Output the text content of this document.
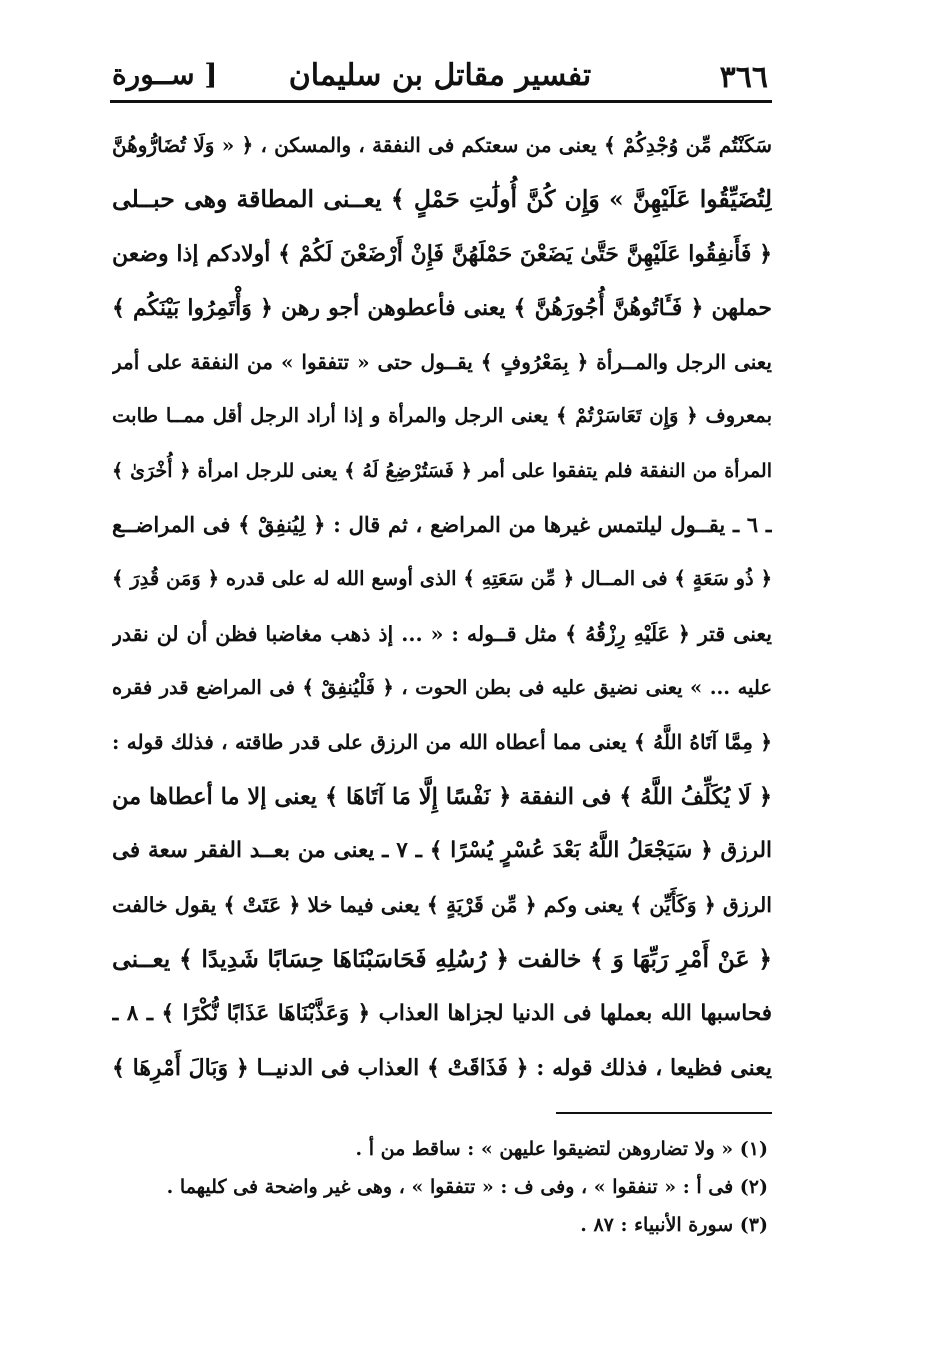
٣٦٦
تفسير مقاتل بن سليمان
[ ســورة
سَكَنْتُم مِّن وُجْدِكُمْ ﴾ يعنى من سعتكم فى النفقة ، والمسكن ، ﴿ « وَلَا تُضَارُّوهُنَّ
لِتُضَيِّقُوا عَلَيْهِنَّ » وَإِن كُنَّ أُولَٰتِ حَمْلٍ ﴾ يعــنى المطاقة وهى حبــلى
﴿ فَأَنفِقُوا عَلَيْهِنَّ حَتَّىٰ يَضَعْنَ حَمْلَهُنَّ فَإِنْ أَرْضَعْنَ لَكُمْ ﴾ أولادكم إذا وضعن
حملهن ﴿ فَـَٔاتُوهُنَّ أُجُورَهُنَّ ﴾ يعنى فأعطوهن أجو رهن ﴿ وَأْتَمِرُوا بَيْنَكُم ﴾
يعنى الرجل والمــرأة ﴿ بِمَعْرُوفٍ ﴾ يقــول حتى « تتفقوا » من النفقة على أمر
بمعروف ﴿ وَإِن تَعَاسَرْتُمْ ﴾ يعنى الرجل والمرأة و إذا أراد الرجل أقل ممــا طابت
المرأة من النفقة فلم يتفقوا على أمر ﴿ فَسَتُرْضِعُ لَهُ ﴾ يعنى للرجل امرأة ﴿ أُخْرَىٰ ﴾
ـ ٦ ـ يقــول ليلتمس غيرها من المراضع ، ثم قال : ﴿ لِيُنفِقْ ﴾ فى المراضــع
﴿ ذُو سَعَةٍ ﴾ فى المــال ﴿ مِّن سَعَتِهِ ﴾ الذى أوسع الله له على قدره ﴿ وَمَن قُدِرَ ﴾
يعنى قتر ﴿ عَلَيْهِ رِزْقُهُ ﴾ مثل قــوله : « ... إذ ذهب مغاضبا فظن أن لن نقدر
عليه ... » يعنى نضيق عليه فى بطن الحوت ، ﴿ فَلْيُنفِقْ ﴾ فى المراضع قدر فقره
﴿ مِمَّا آتَاهُ اللَّهُ ﴾ يعنى مما أعطاه الله من الرزق على قدر طاقته ، فذلك قوله :
﴿ لَا يُكَلِّفُ اللَّهُ ﴾ فى النفقة ﴿ نَفْسًا إِلَّا مَا آتَاهَا ﴾ يعنى إلا ما أعطاها من
الرزق ﴿ سَيَجْعَلُ اللَّهُ بَعْدَ عُسْرٍ يُسْرًا ﴾ ـ ٧ ـ يعنى من بعــد الفقر سعة فى
الرزق ﴿ وَكَأَيِّن ﴾ يعنى وكم ﴿ مِّن قَرْيَةٍ ﴾ يعنى فيما خلا ﴿ عَتَتْ ﴾ يقول خالفت
﴿ عَنْ أَمْرِ رَبِّهَا وَ ﴾ خالفت ﴿ رُسُلِهِ فَحَاسَبْنَاهَا حِسَابًا شَدِيدًا ﴾ يعــنى
فحاسبها الله بعملها فى الدنيا لجزاها العذاب ﴿ وَعَذَّبْنَاهَا عَذَابًا نُّكْرًا ﴾ ـ ٨ ـ
يعنى فظيعا ، فذلك قوله : ﴿ فَذَاقَتْ ﴾ العذاب فى الدنيــا ﴿ وَبَالَ أَمْرِهَا ﴾
(١) « ولا تضاروهن لتضيقوا عليهن » : ساقط من أ .
(٢) فى أ : « تنفقوا » ، وفى ف : « تتفقوا » ، وهى غير واضحة فى كليهما .
(٣) سورة الأنبياء : ٨٧ .
